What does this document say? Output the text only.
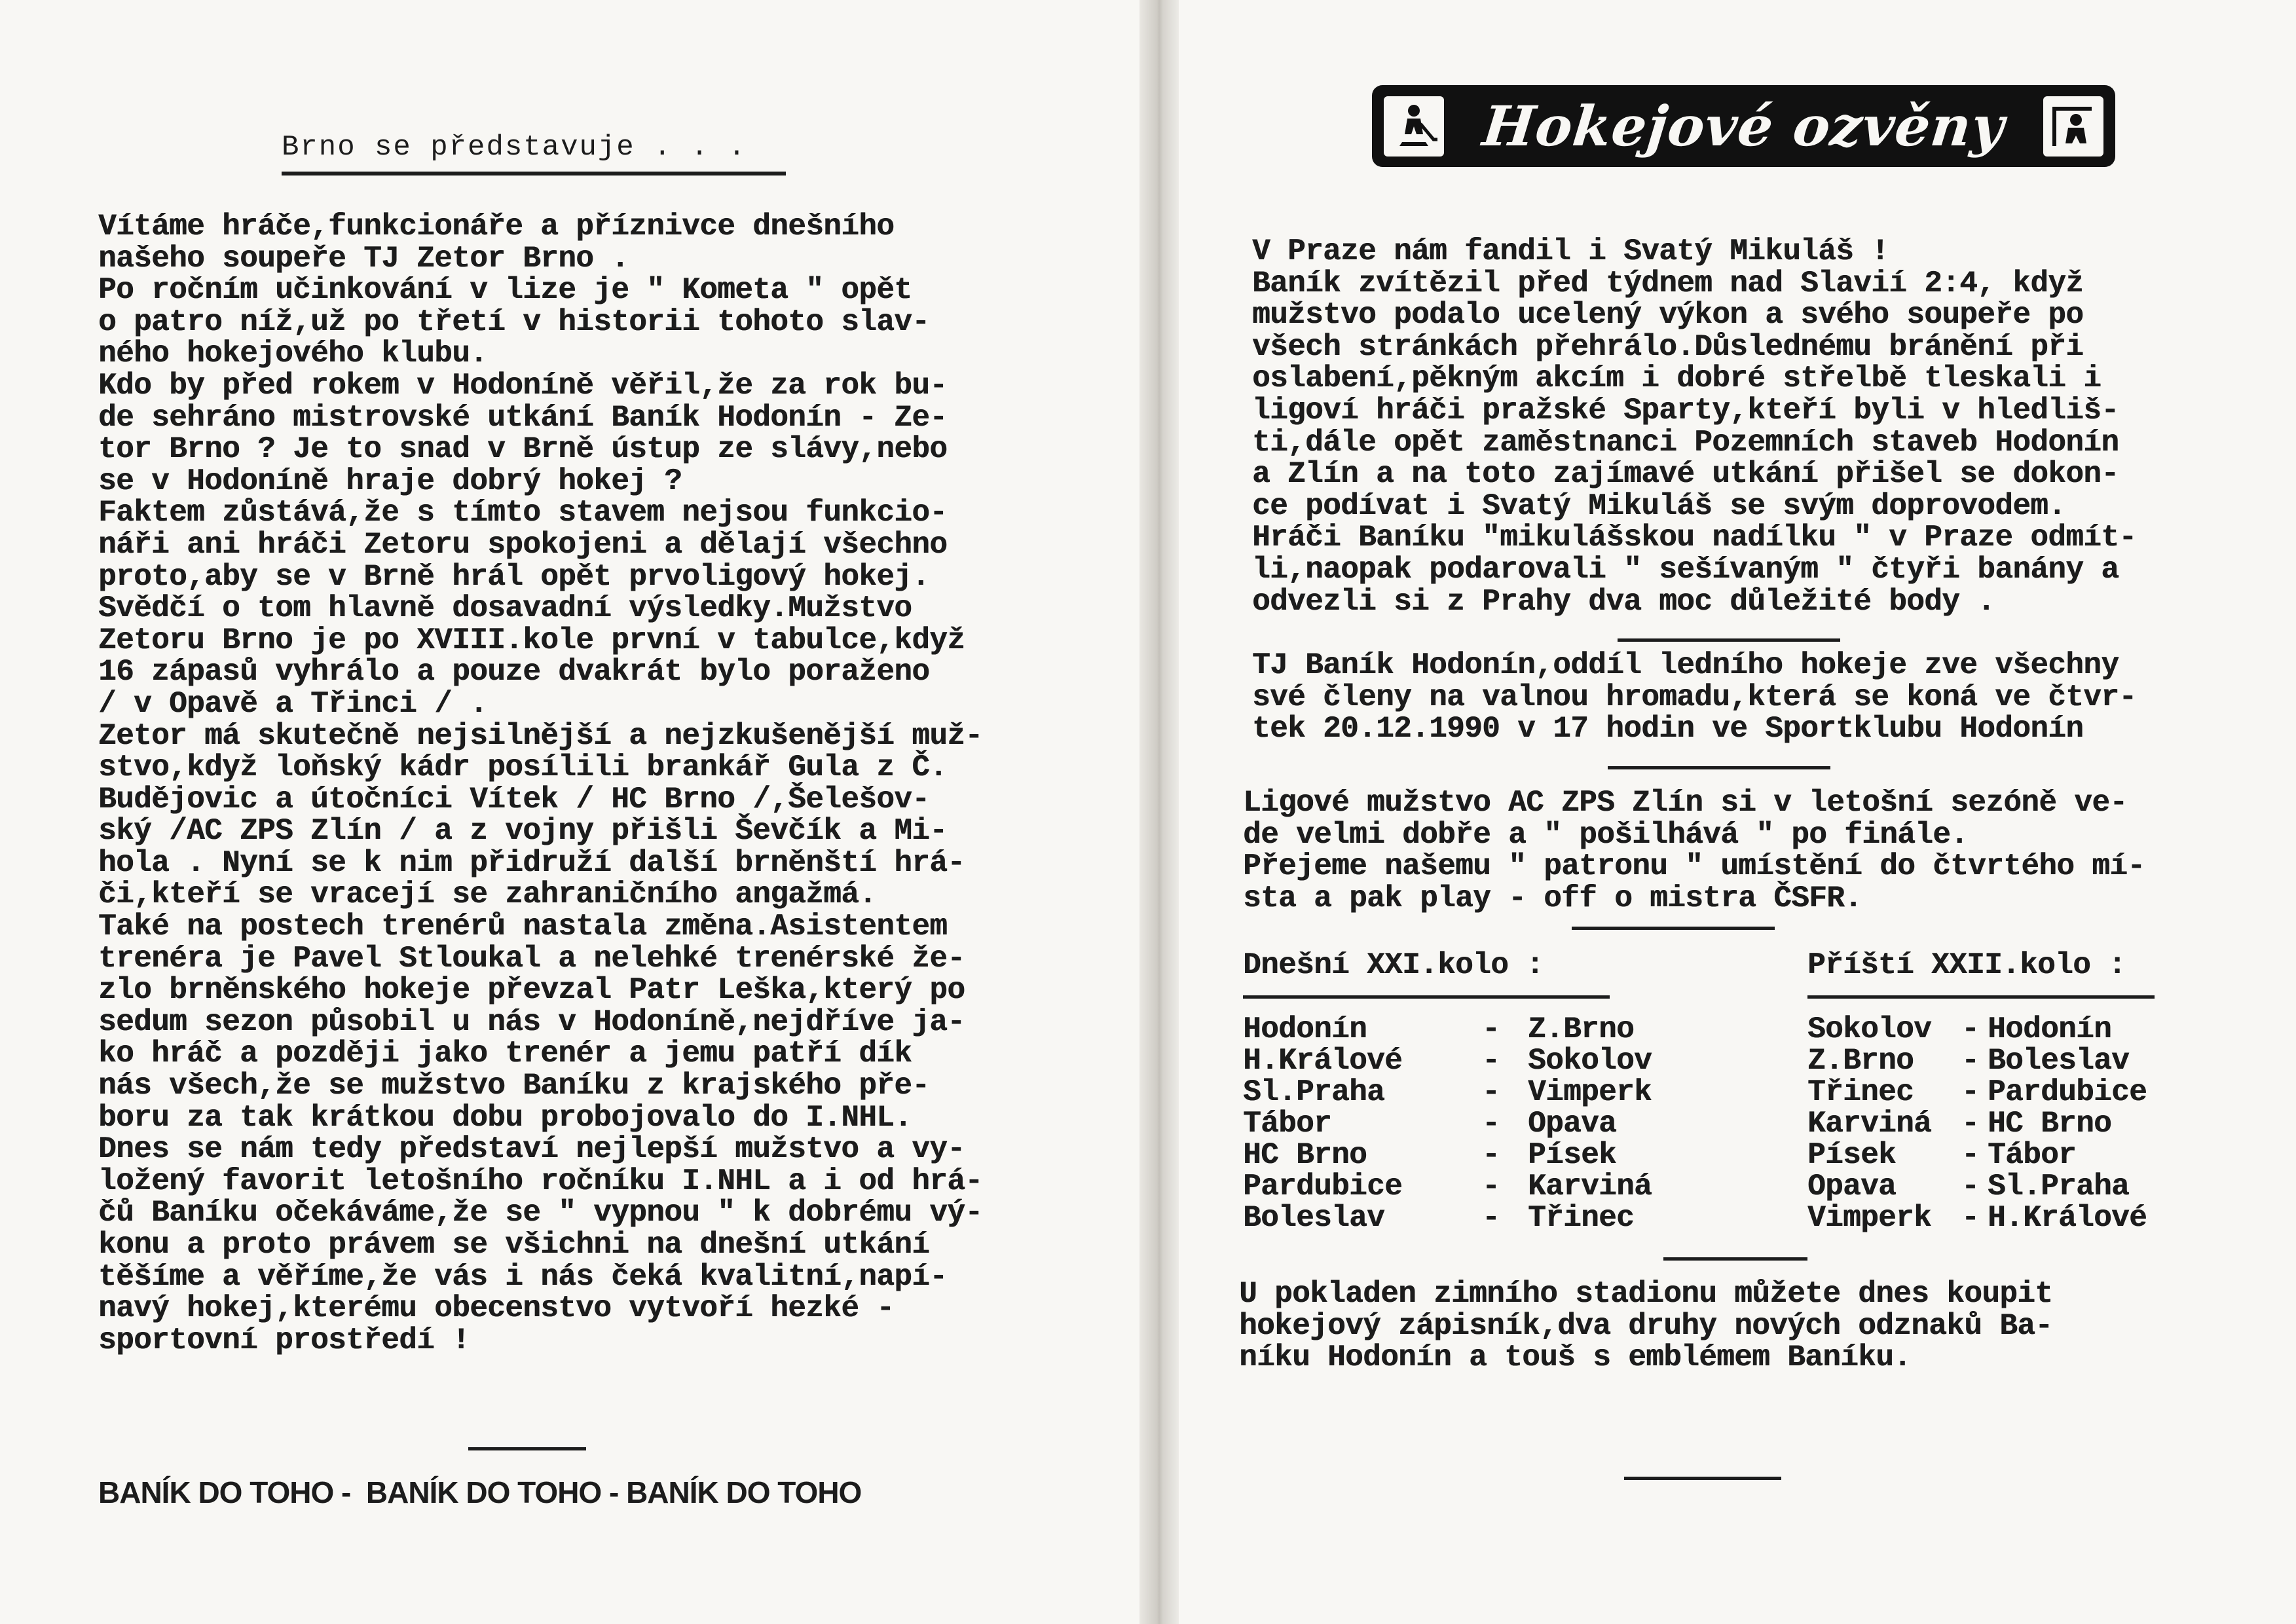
Brno se představuje . . .
Vítáme hráče,funkcionáře a příznivce dnešního
našeho soupeře TJ Zetor Brno .
Po ročním učinkování v lize je " Kometa " opět
o patro níž,už po třetí v historii tohoto slav-
ného hokejového klubu.
Kdo by před rokem v Hodoníně věřil,že za rok bu-
de sehráno mistrovské utkání Baník Hodonín - Ze-
tor Brno ? Je to snad v Brně ústup ze slávy,nebo
se v Hodoníně hraje dobrý hokej ?
Faktem zůstává,že s tímto stavem nejsou funkcio-
náři ani hráči Zetoru spokojeni a dělají všechno
proto,aby se v Brně hrál opět prvoligový hokej.
Svědčí o tom hlavně dosavadní výsledky.Mužstvo
Zetoru Brno je po XVIII.kole první v tabulce,když
16 zápasů vyhrálo a pouze dvakrát bylo poraženo
/ v Opavě a Třinci / .
Zetor má skutečně nejsilnější a nejzkušenější muž-
stvo,když loňský kádr posílili brankář Gula z Č.
Budějovic a útočníci Vítek / HC Brno /,Šelešov-
ský /AC ZPS Zlín / a z vojny přišli Ševčík a Mi-
hola . Nyní se k nim přidruží další brněnští hrá-
či,kteří se vracejí se zahraničního angažmá.
Také na postech trenérů nastala změna.Asistentem
trenéra je Pavel Stloukal a nelehké trenérské že-
zlo brněnského hokeje převzal Patr Leška,který po
sedum sezon působil u nás v Hodoníně,nejdříve ja-
ko hráč a později jako trenér a jemu patří dík
nás všech,že se mužstvo Baníku z krajského pře-
boru za tak krátkou dobu probojovalo do I.NHL.
Dnes se nám tedy představí nejlepší mužstvo a vy-
ložený favorit letošního ročníku I.NHL a i od hrá-
čů Baníku očekáváme,že se " vypnou " k dobrému vý-
konu a proto právem se všichni na dnešní utkání
těšíme a věříme,že vás i nás čeká kvalitní,napí-
navý hokej,kterému obecenstvo vytvoří hezké -
sportovní prostředí !
BANÍK DO TOHO -  BANÍK DO TOHO - BANÍK DO TOHO
Hokejové ozvěny
V Praze nám fandil i Svatý Mikuláš !
Baník zvítězil před týdnem nad Slavií 2:4, když
mužstvo podalo ucelený výkon a svého soupeře po
všech stránkách přehrálo.Důslednému bránění při
oslabení,pěkným akcím i dobré střelbě tleskali i
ligoví hráči pražské Sparty,kteří byli v hledliš-
ti,dále opět zaměstnanci Pozemních staveb Hodonín
a Zlín a na toto zajímavé utkání přišel se dokon-
ce podívat i Svatý Mikuláš se svým doprovodem.
Hráči Baníku "mikulášskou nadílku " v Praze odmít-
li,naopak podarovali " sešívaným " čtyři banány a
odvezli si z Prahy dva moc důležité body .
TJ Baník Hodonín,oddíl ledního hokeje zve všechny
své členy na valnou hromadu,která se koná ve čtvr-
tek 20.12.1990 v 17 hodin ve Sportklubu Hodonín
Ligové mužstvo AC ZPS Zlín si v letošní sezóně ve-
de velmi dobře a " pošilhává " po finále.
Přejeme našemu " patronu " umístění do čtvrtého mí-
sta a pak play - off o mistra ČSFR.
Dnešní XXI.kolo :	Příští XXII.kolo :
Hodonín	- Z.Brno
H.Králové	- Sokolov
Sl.Praha	- Vimperk
Tábor	- Opava
HC Brno	- Písek
Pardubice	- Karviná
Boleslav	- Třinec
Sokolov - Hodonín
Z.Brno	- Boleslav
Třinec	- Pardubice
Karviná - HC Brno
Písek	- Tábor
Opava	- Sl.Praha
Vimperk - H.Králové
U pokladen zimního stadionu můžete dnes koupit
hokejový zápisník,dva druhy nových odznaků Ba-
níku Hodonín a touš s emblémem Baníku.
